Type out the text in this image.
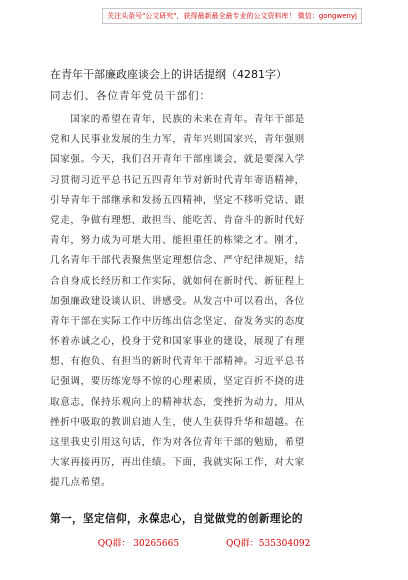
关注头条号"公文研究"，获得最新最全最专业的公文资料库！ 微信：gongwenyj
在青年干部廉政座谈会上的讲话提纲（4281字）
同志们、各位青年党员干部们：
　　国家的希望在青年，民族的未来在青年。青年干部是
党和人民事业发展的生力军，青年兴则国家兴，青年强则
国家强。今天，我们召开青年干部座谈会，就是要深入学
习贯彻习近平总书记五四青年节对新时代青年寄语精神，
引导青年干部继承和发扬五四精神，坚定不移听党话、跟
党走，争做有理想、敢担当、能吃苦、肯奋斗的新时代好
青年，努力成为可堪大用、能担重任的栋梁之才。刚才，
几名青年干部代表聚焦坚定理想信念、严守纪律规矩，结
合自身成长经历和工作实际，就如何在新时代、新征程上
加强廉政建设谈认识、讲感受。从发言中可以看出，各位
青年干部在实际工作中历练出信念坚定、奋发务实的态度
怀着赤诚之心，投身于党和国家事业的建设，展现了有理
想、有抱负、有担当的新时代青年干部精神。习近平总书
记强调，要历练宠辱不惊的心理素质，坚定百折不挠的进
取意志，保持乐观向上的精神状态，变挫折为动力，用从
挫折中吸取的教训启迪人生，使人生获得升华和超越。在
这里我史引用这句话，作为对各位青年干部的勉励，希望
大家再接再厉，再出佳绩。下面，我就实际工作，对大家
提几点希望。
第一，坚定信仰，永葆忠心，自觉做党的创新理论的
QQ群： 30265665	QQ群：535304092
